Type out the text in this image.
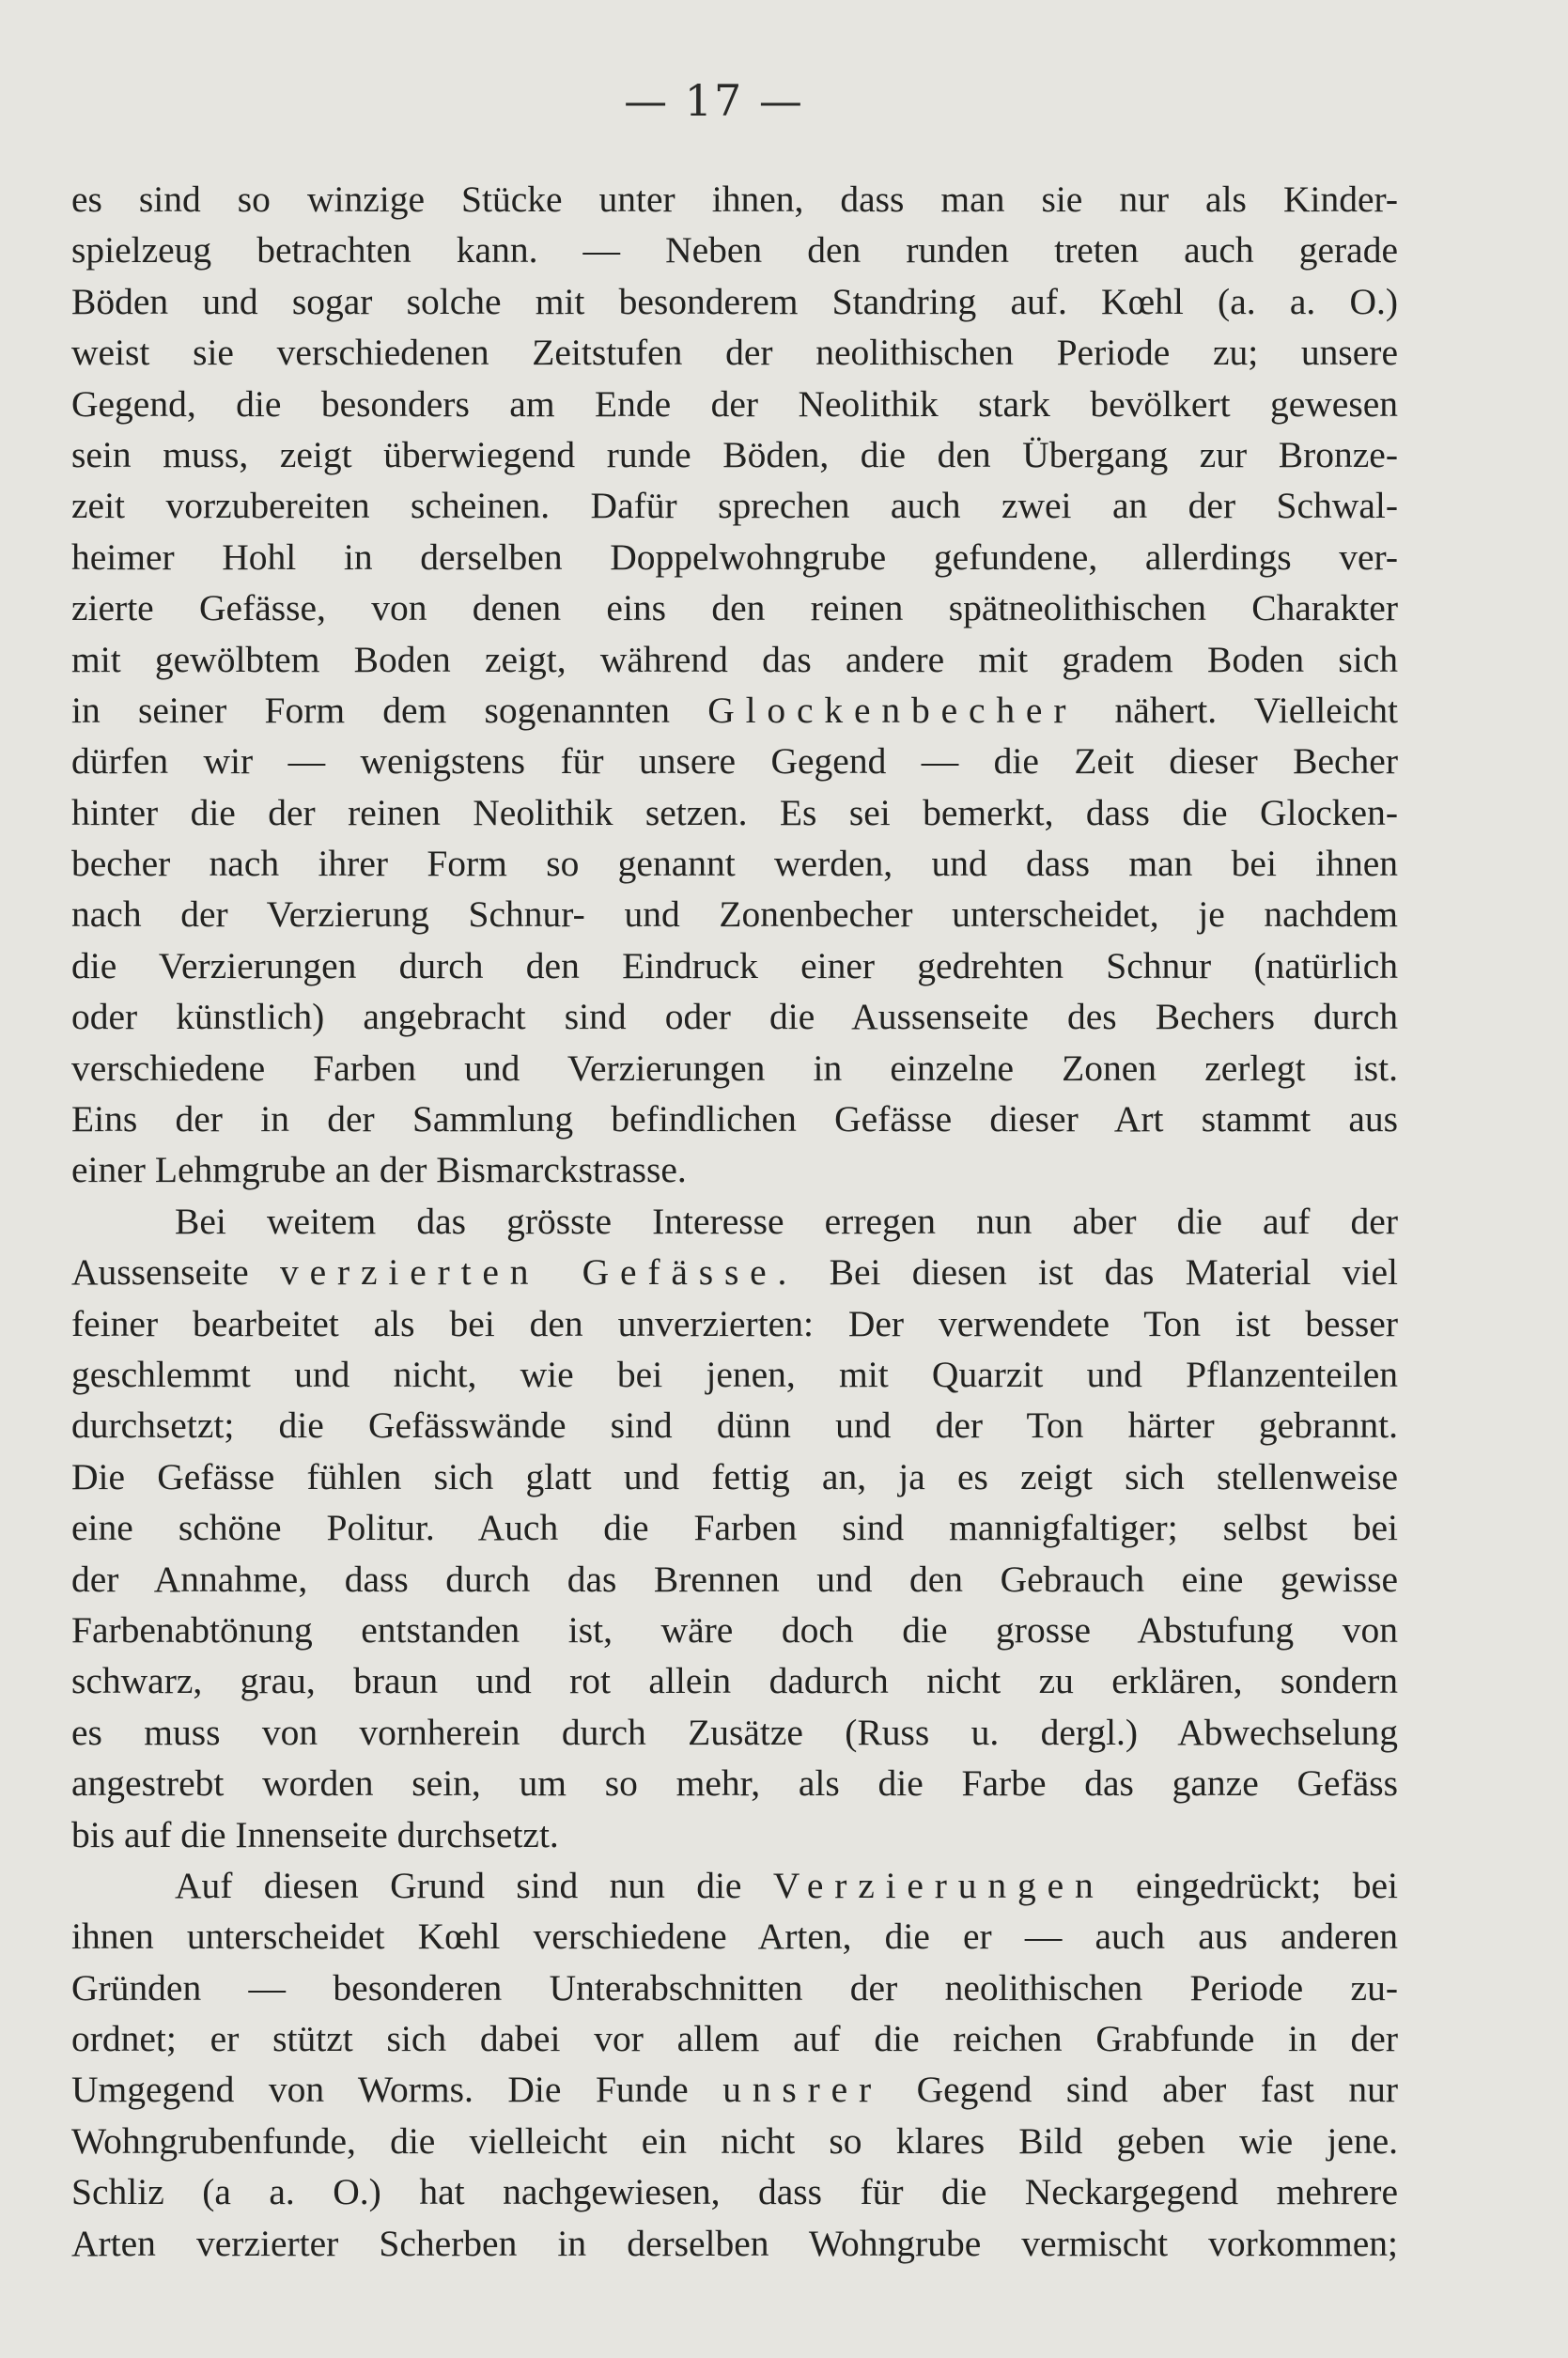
— 17 —
es sind so winzige Stücke unter ihnen, dass man sie nur als Kinder-
spielzeug betrachten kann. — Neben den runden treten auch gerade
Böden und sogar solche mit besonderem Standring auf. Kœhl (a. a. O.)
weist sie verschiedenen Zeitstufen der neolithischen Periode zu; unsere
Gegend, die besonders am Ende der Neolithik stark bevölkert gewesen
sein muss, zeigt überwiegend runde Böden, die den Übergang zur Bronze-
zeit vorzubereiten scheinen. Dafür sprechen auch zwei an der Schwal-
heimer Hohl in derselben Doppelwohngrube gefundene, allerdings ver-
zierte Gefässe, von denen eins den reinen spätneolithischen Charakter
mit gewölbtem Boden zeigt, während das andere mit gradem Boden sich
in seiner Form dem sogenannten Glockenbecher nähert. Vielleicht
dürfen wir — wenigstens für unsere Gegend — die Zeit dieser Becher
hinter die der reinen Neolithik setzen. Es sei bemerkt, dass die Glocken-
becher nach ihrer Form so genannt werden, und dass man bei ihnen
nach der Verzierung Schnur- und Zonenbecher unterscheidet, je nachdem
die Verzierungen durch den Eindruck einer gedrehten Schnur (natürlich
oder künstlich) angebracht sind oder die Aussenseite des Bechers durch
verschiedene Farben und Verzierungen in einzelne Zonen zerlegt ist.
Eins der in der Sammlung befindlichen Gefässe dieser Art stammt aus
einer Lehmgrube an der Bismarckstrasse.
Bei weitem das grösste Interesse erregen nun aber die auf der
Aussenseite verzierten Gefässe. Bei diesen ist das Material viel
feiner bearbeitet als bei den unverzierten: Der verwendete Ton ist besser
geschlemmt und nicht, wie bei jenen, mit Quarzit und Pflanzenteilen
durchsetzt; die Gefässwände sind dünn und der Ton härter gebrannt.
Die Gefässe fühlen sich glatt und fettig an, ja es zeigt sich stellenweise
eine schöne Politur. Auch die Farben sind mannigfaltiger; selbst bei
der Annahme, dass durch das Brennen und den Gebrauch eine gewisse
Farbenabtönung entstanden ist, wäre doch die grosse Abstufung von
schwarz, grau, braun und rot allein dadurch nicht zu erklären, sondern
es muss von vornherein durch Zusätze (Russ u. dergl.) Abwechselung
angestrebt worden sein, um so mehr, als die Farbe das ganze Gefäss
bis auf die Innenseite durchsetzt.
Auf diesen Grund sind nun die Verzierungen eingedrückt; bei
ihnen unterscheidet Kœhl verschiedene Arten, die er — auch aus anderen
Gründen — besonderen Unterabschnitten der neolithischen Periode zu-
ordnet; er stützt sich dabei vor allem auf die reichen Grabfunde in der
Umgegend von Worms. Die Funde unsrer Gegend sind aber fast nur
Wohngrubenfunde, die vielleicht ein nicht so klares Bild geben wie jene.
Schliz (a a. O.) hat nachgewiesen, dass für die Neckargegend mehrere
Arten verzierter Scherben in derselben Wohngrube vermischt vorkommen;
